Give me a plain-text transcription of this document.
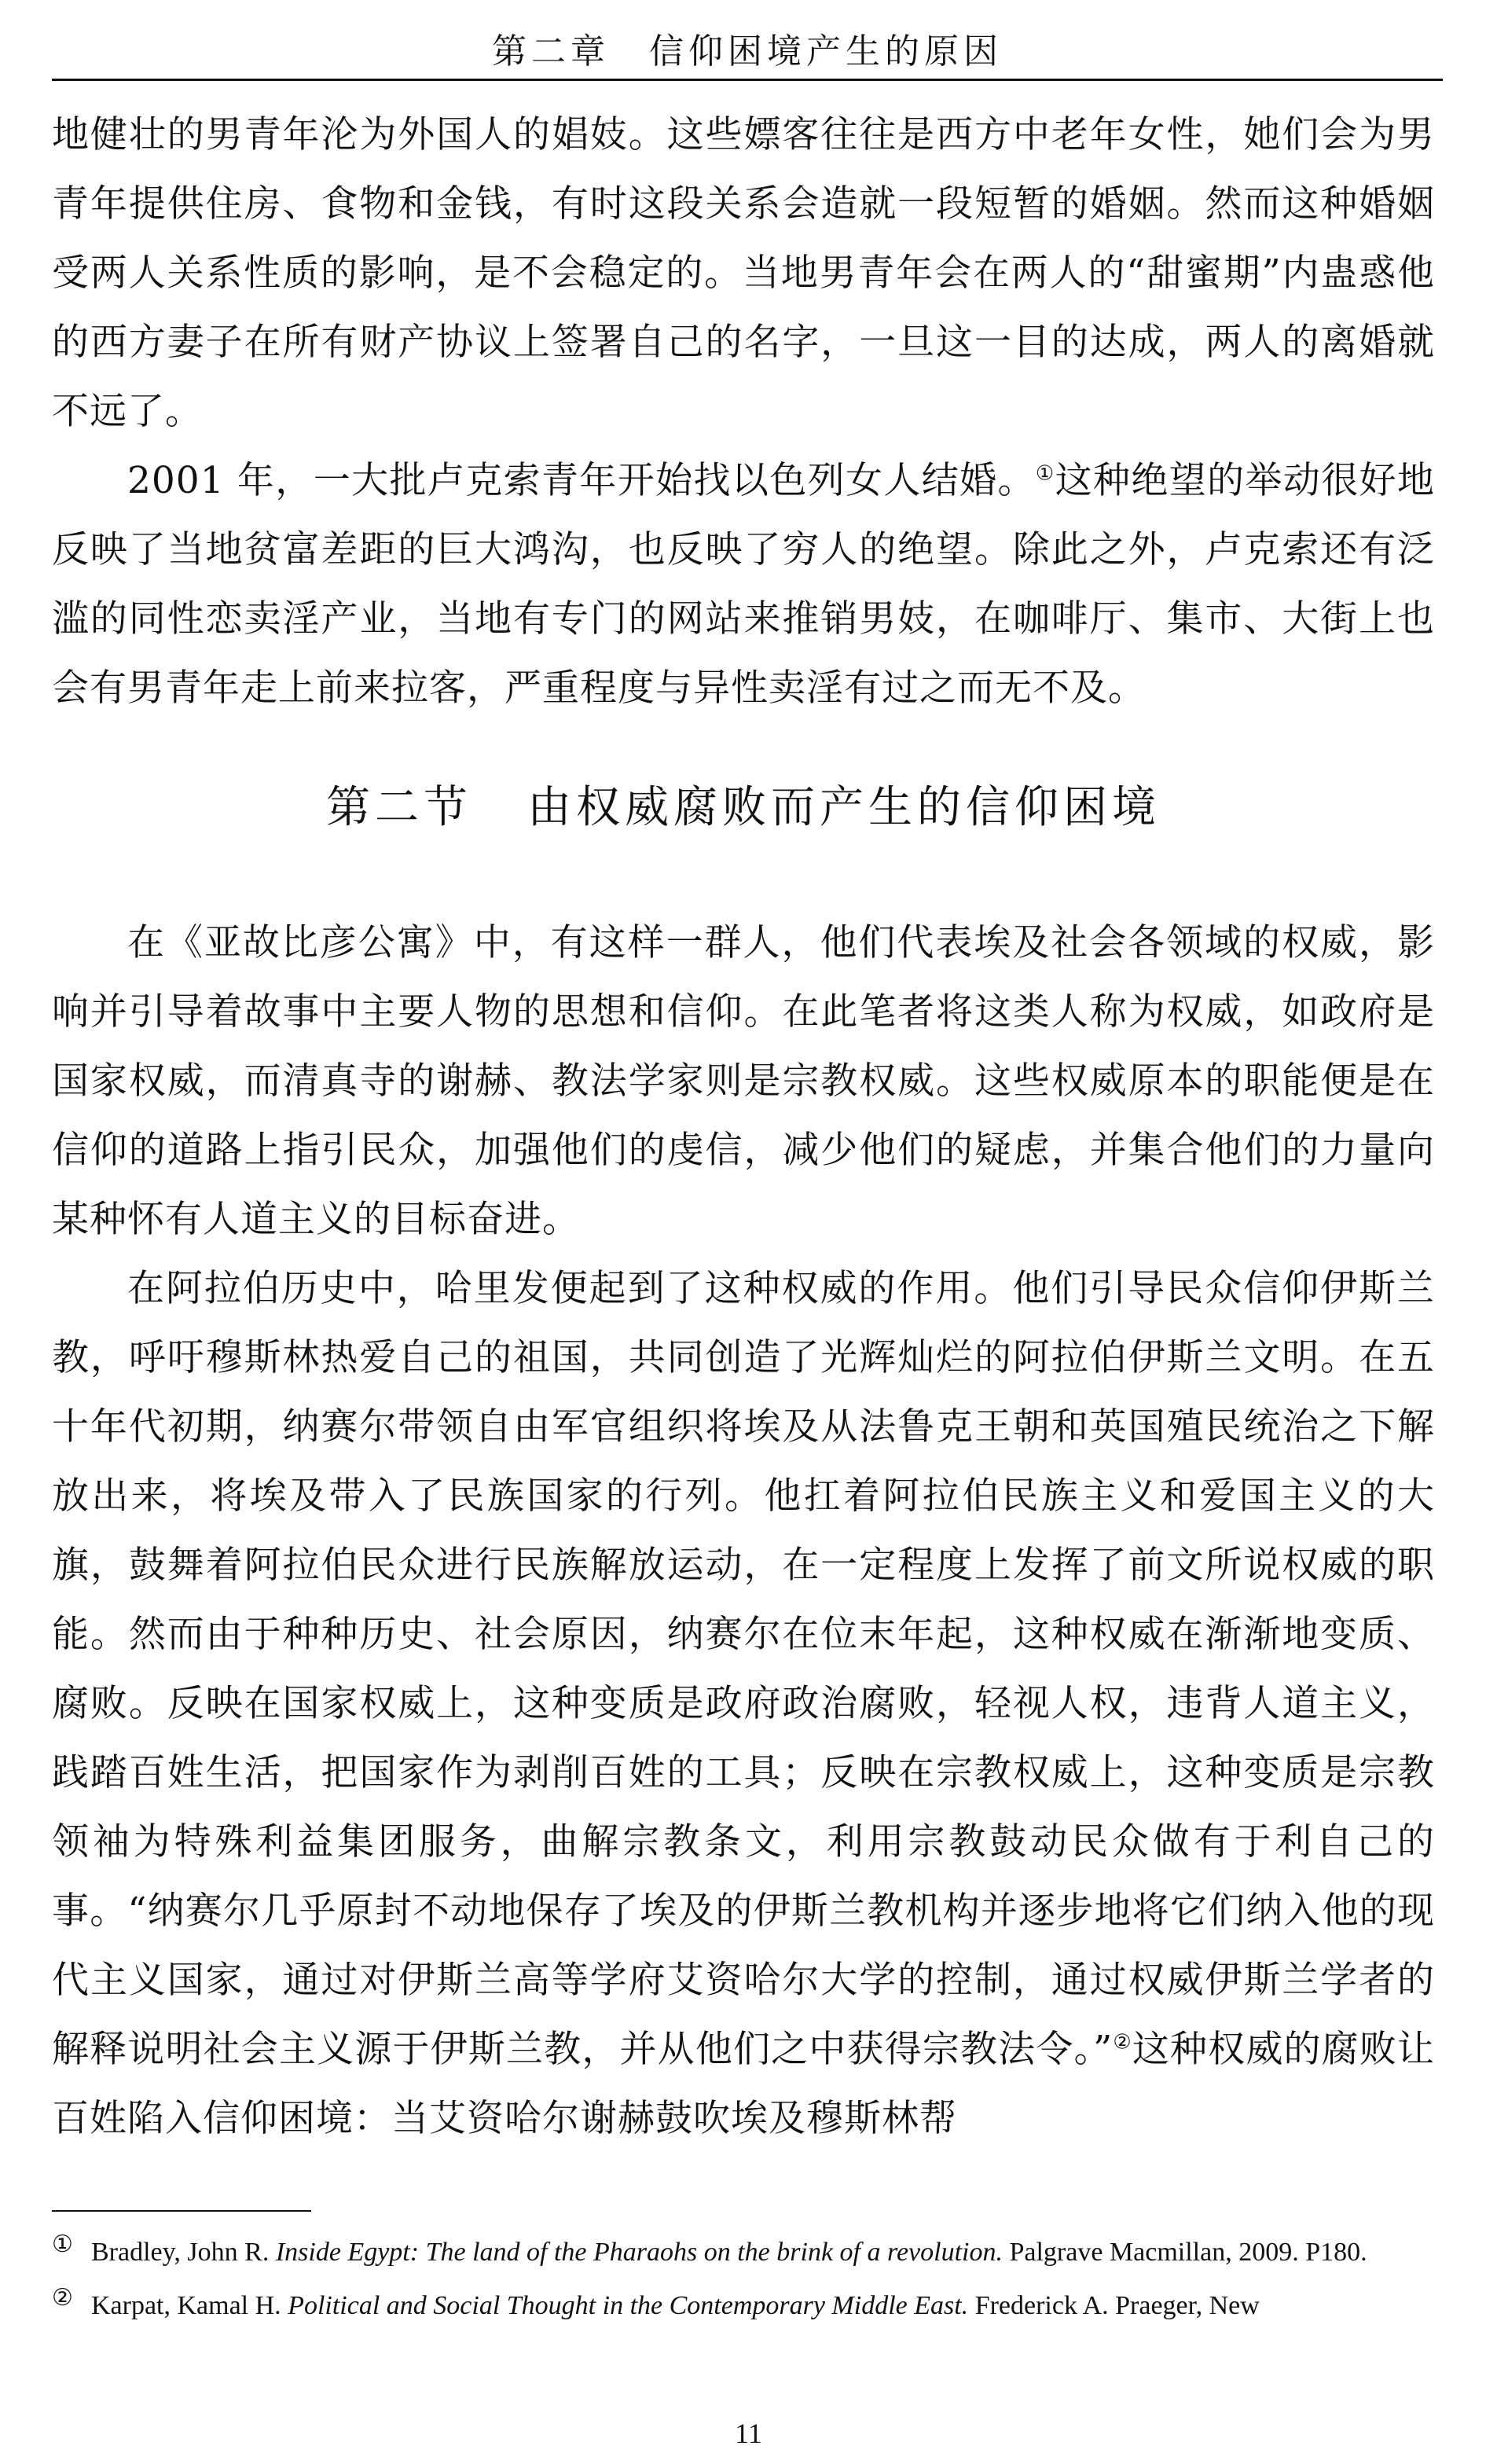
第二章　信仰困境产生的原因

地健壮的男青年沦为外国人的娼妓。这些嫖客往往是西方中老年女性，她们会为男青年提供住房、食物和金钱，有时这段关系会造就一段短暂的婚姻。然而这种婚姻受两人关系性质的影响，是不会稳定的。当地男青年会在两人的“甜蜜期”内蛊惑他的西方妻子在所有财产协议上签署自己的名字，一旦这一目的达成，两人的离婚就不远了。

2001 年，一大批卢克索青年开始找以色列女人结婚。①这种绝望的举动很好地反映了当地贫富差距的巨大鸿沟，也反映了穷人的绝望。除此之外，卢克索还有泛滥的同性恋卖淫产业，当地有专门的网站来推销男妓，在咖啡厅、集市、大街上也会有男青年走上前来拉客，严重程度与异性卖淫有过之而无不及。

第二节 由权威腐败而产生的信仰困境

在《亚故比彦公寓》中，有这样一群人，他们代表埃及社会各领域的权威，影响并引导着故事中主要人物的思想和信仰。在此笔者将这类人称为权威，如政府是国家权威，而清真寺的谢赫、教法学家则是宗教权威。这些权威原本的职能便是在信仰的道路上指引民众，加强他们的虔信，减少他们的疑虑，并集合他们的力量向某种怀有人道主义的目标奋进。

在阿拉伯历史中，哈里发便起到了这种权威的作用。他们引导民众信仰伊斯兰教，呼吁穆斯林热爱自己的祖国，共同创造了光辉灿烂的阿拉伯伊斯兰文明。在五十年代初期，纳赛尔带领自由军官组织将埃及从法鲁克王朝和英国殖民统治之下解放出来，将埃及带入了民族国家的行列。他扛着阿拉伯民族主义和爱国主义的大旗，鼓舞着阿拉伯民众进行民族解放运动，在一定程度上发挥了前文所说权威的职能。然而由于种种历史、社会原因，纳赛尔在位末年起，这种权威在渐渐地变质、腐败。反映在国家权威上，这种变质是政府政治腐败，轻视人权，违背人道主义，践踏百姓生活，把国家作为剥削百姓的工具；反映在宗教权威上，这种变质是宗教领袖为特殊利益集团服务，曲解宗教条文，利用宗教鼓动民众做有于利自己的事。“纳赛尔几乎原封不动地保存了埃及的伊斯兰教机构并逐步地将它们纳入他的现代主义国家，通过对伊斯兰高等学府艾资哈尔大学的控制，通过权威伊斯兰学者的解释说明社会主义源于伊斯兰教，并从他们之中获得宗教法令。”②这种权威的腐败让百姓陷入信仰困境：当艾资哈尔谢赫鼓吹埃及穆斯林帮

① Bradley, John R. Inside Egypt: The land of the Pharaohs on the brink of a revolution. Palgrave Macmillan, 2009. P180.

② Karpat, Kamal H. Political and Social Thought in the Contemporary Middle East. Frederick A. Praeger, New

11
